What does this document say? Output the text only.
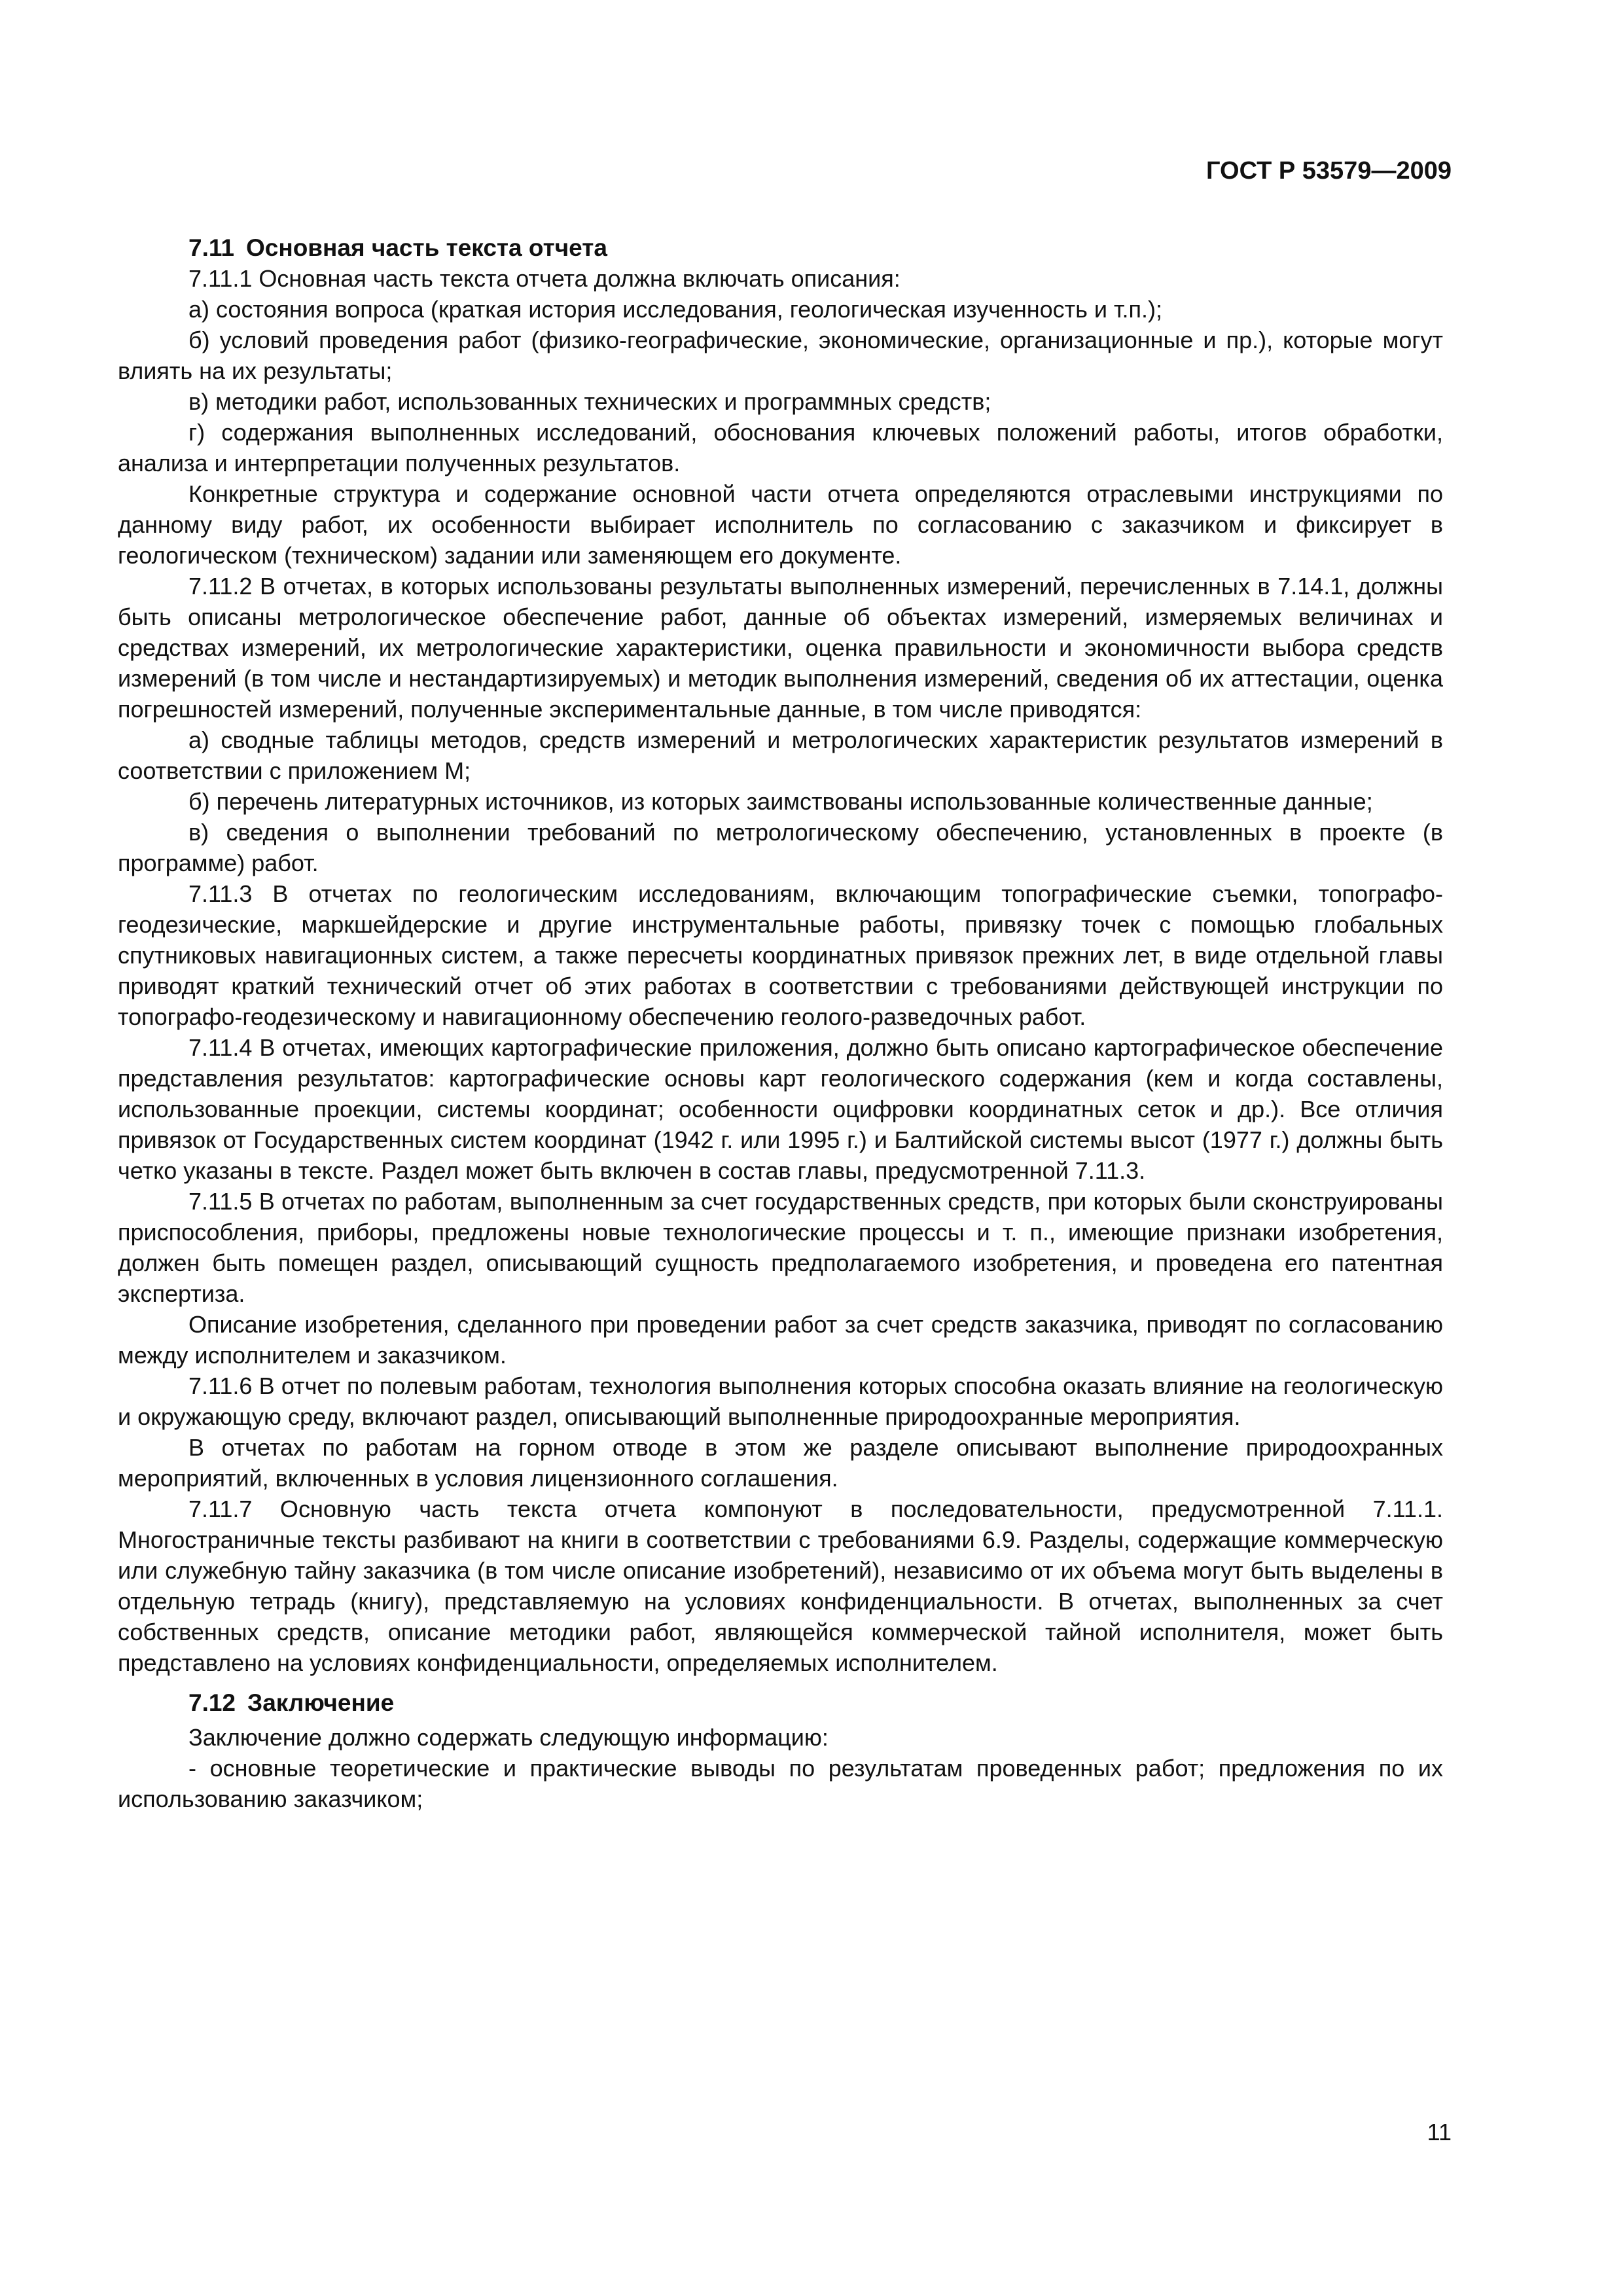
ГОСТ Р 53579—2009
7.11 Основная часть текста отчета

7.11.1 Основная часть текста отчета должна включать описания:

а) состояния вопроса (краткая история исследования, геологическая изученность и т.п.);

б) условий проведения работ (физико-географические, экономические, организационные и пр.), которые могут влиять на их результаты;

в) методики работ, использованных технических и программных средств;

г) содержания выполненных исследований, обоснования ключевых положений работы, итогов обработки, анализа и интерпретации полученных результатов.

Конкретные структура и содержание основной части отчета определяются отраслевыми инструкциями по данному виду работ, их особенности выбирает исполнитель по согласованию с заказчиком и фиксирует в геологическом (техническом) задании или заменяющем его документе.

7.11.2 В отчетах, в которых использованы результаты выполненных измерений, перечисленных в 7.14.1, должны быть описаны метрологическое обеспечение работ, данные об объектах измерений, измеряемых величинах и средствах измерений, их метрологические характеристики, оценка правильности и экономичности выбора средств измерений (в том числе и нестандартизируемых) и методик выполнения измерений, сведения об их аттестации, оценка погрешностей измерений, полученные экспериментальные данные, в том числе приводятся:

а) сводные таблицы методов, средств измерений и метрологических характеристик результатов измерений в соответствии с приложением М;

б) перечень литературных источников, из которых заимствованы использованные количественные данные;

в) сведения о выполнении требований по метрологическому обеспечению, установленных в проекте (в программе) работ.

7.11.3 В отчетах по геологическим исследованиям, включающим топографические съемки, топографо-геодезические, маркшейдерские и другие инструментальные работы, привязку точек с помощью глобальных спутниковых навигационных систем, а также пересчеты координатных привязок прежних лет, в виде отдельной главы приводят краткий технический отчет об этих работах в соответствии с требованиями действующей инструкции по топографо-геодезическому и навигационному обеспечению геолого-разведочных работ.

7.11.4 В отчетах, имеющих картографические приложения, должно быть описано картографическое обеспечение представления результатов: картографические основы карт геологического содержания (кем и когда составлены, использованные проекции, системы координат; особенности оцифровки координатных сеток и др.). Все отличия привязок от Государственных систем координат (1942 г. или 1995 г.) и Балтийской системы высот (1977 г.) должны быть четко указаны в тексте. Раздел может быть включен в состав главы, предусмотренной 7.11.3.

7.11.5 В отчетах по работам, выполненным за счет государственных средств, при которых были сконструированы приспособления, приборы, предложены новые технологические процессы и т. п., имеющие признаки изобретения, должен быть помещен раздел, описывающий сущность предполагаемого изобретения, и проведена его патентная экспертиза.

Описание изобретения, сделанного при проведении работ за счет средств заказчика, приводят по согласованию между исполнителем и заказчиком.

7.11.6 В отчет по полевым работам, технология выполнения которых способна оказать влияние на геологическую и окружающую среду, включают раздел, описывающий выполненные природоохранные мероприятия.

В отчетах по работам на горном отводе в этом же разделе описывают выполнение природоохранных мероприятий, включенных в условия лицензионного соглашения.

7.11.7 Основную часть текста отчета компонуют в последовательности, предусмотренной 7.11.1. Многостраничные тексты разбивают на книги в соответствии с требованиями 6.9. Разделы, содержащие коммерческую или служебную тайну заказчика (в том числе описание изобретений), независимо от их объема могут быть выделены в отдельную тетрадь (книгу), представляемую на условиях конфиденциальности. В отчетах, выполненных за счет собственных средств, описание методики работ, являющейся коммерческой тайной исполнителя, может быть представлено на условиях конфиденциальности, определяемых исполнителем.

7.12 Заключение

Заключение должно содержать следующую информацию:

- основные теоретические и практические выводы по результатам проведенных работ; предложения по их использованию заказчиком;

11
